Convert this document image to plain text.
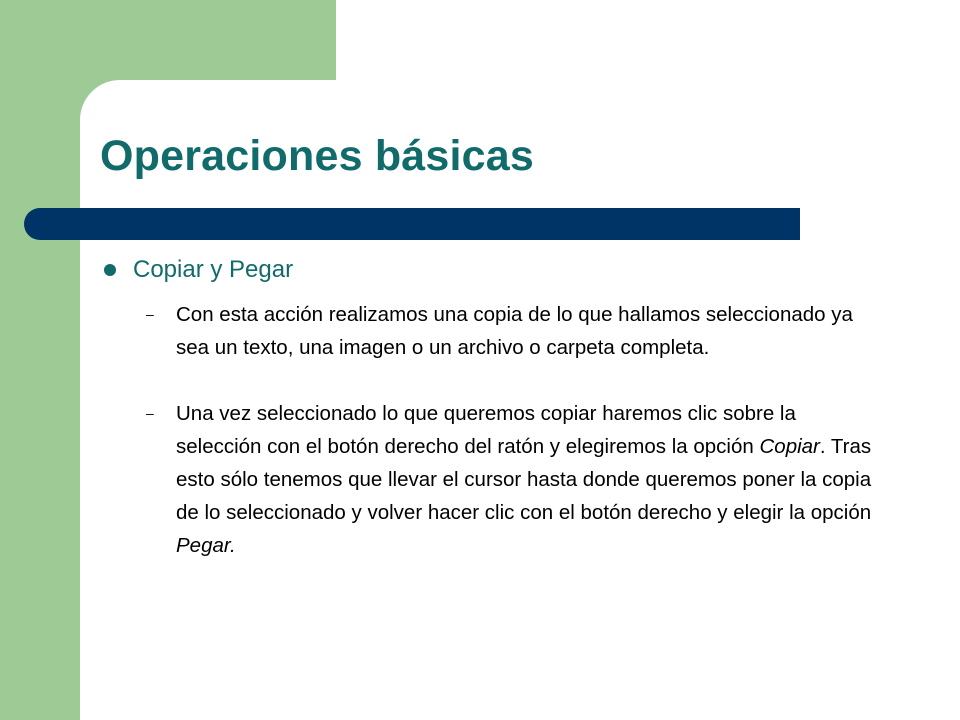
Operaciones básicas
Copiar y Pegar
–	Con esta acción realizamos una copia de lo que hallamos seleccionado ya sea un texto, una imagen o un archivo o carpeta completa.
–	Una vez seleccionado lo que queremos copiar haremos clic sobre la selección con el botón derecho del ratón y elegiremos la opción Copiar. Tras esto sólo tenemos que llevar el cursor hasta donde queremos poner la copia de lo seleccionado y volver hacer clic con el botón derecho y elegir la opción Pegar.
